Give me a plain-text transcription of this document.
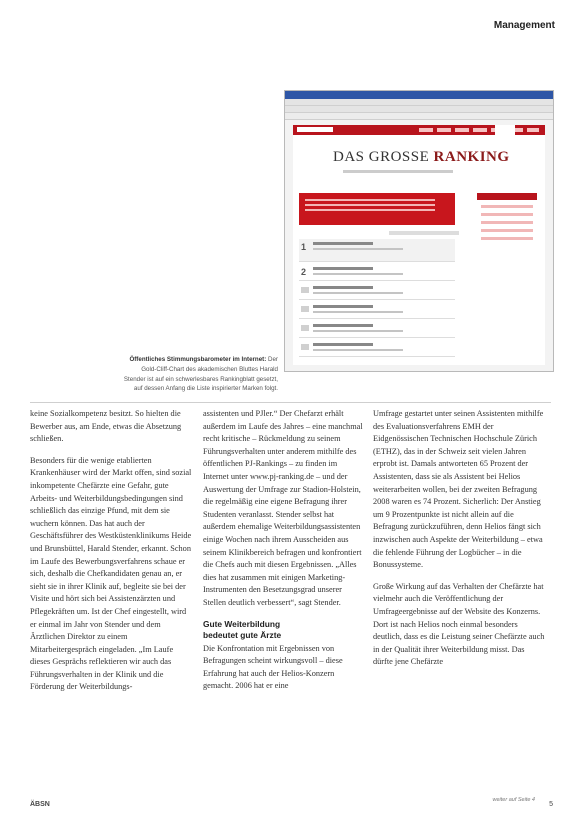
Management
DAS GROSSE RANKING
1
2
Öffentliches Stimmungsbarometer im Internet: Der Gold-Cliff-Chart des akademischen Bluttes Harald Stender ist auf ein schwerlesbares Rankingblatt gesetzt, auf dessen Anfang die Liste inspirierter Marken folgt.

keine Sozialkompetenz besitzt. So hielten die Bewerber aus, am Ende, etwas die Absetzung schließen.

Besonders für die wenige etablierten Krankenhäuser wird der Markt offen, sind sozial inkompetente Chefärzte eine Gefahr, gute Arbeits- und Weiterbildungsbedingungen sind schließlich das einzige Pfund, mit dem sie wuchern können. Das hat auch der Geschäftsführer des Westküstenklinikums Heide und Brunsbüttel, Harald Stender, erkannt. Schon im Laufe des Bewerbungsverfahrens schaue er sich, deshalb die Chefkandidaten genau an, er sieht sie in ihrer Klinik auf, begleite sie bei der Visite und hört sich bei Assistenzärzten und Pflegekräften um. Ist der Chef eingestellt, wird er einmal im Jahr von Stender und dem Ärztlichen Direktor zu einem Mitarbeitergespräch eingeladen. „Im Laufe dieses Gesprächs reflektieren wir auch das Führungsverhalten in der Klinik und die Förderung der Weiterbildungs-

assistenten und PJler.“ Der Chefarzt erhält außerdem im Laufe des Jahres – eine manchmal recht kritische – Rückmeldung zu seinem Führungsverhalten unter anderem mithilfe des öffentlichen PJ-Rankings – zu finden im Internet unter www.pj-ranking.de – und der Auswertung der Umfrage zur Stadion-Holstein, die regelmäßig eine eigene Befragung ihrer Studenten veranlasst. Stender selbst hat außerdem ehemalige Weiterbildungsassistenten einige Wochen nach ihrem Ausscheiden aus seinem Klinikbereich befragen und konfrontiert die Chefs auch mit diesen Ergebnissen. „Alles dies hat zusammen mit einigen Marketing-Instrumenten den Besetzungsgrad unserer Stellen deutlich verbessert“, sagt Stender.

Gute Weiterbildung
bedeutet gute Ärzte

Die Konfrontation mit Ergebnissen von Befragungen scheint wirkungsvoll – diese Erfahrung hat auch der Helios-Konzern gemacht. 2006 hat er eine

Umfrage gestartet unter seinen Assistenten mithilfe des Evaluationsverfahrens EMH der Eidgenössischen Technischen Hochschule Zürich (ETHZ), das in der Schweiz seit vielen Jahren erprobt ist. Damals antworteten 65 Prozent der Assistenten, dass sie als Assistent bei Helios weiterarbeiten wollen, bei der zweiten Befragung 2008 waren es 74 Prozent. Sicherlich: Der Anstieg um 9 Prozentpunkte ist nicht allein auf die Befragung zurückzuführen, denn Helios fängt sich inzwischen auch Aspekte der Weiterbildung – etwa die fehlende Führung der Logbücher – in die Bonussysteme.

Große Wirkung auf das Verhalten der Chefärzte hat vielmehr auch die Veröffentlichung der Umfrageergebnisse auf der Website des Konzerns. Dort ist nach Helios noch einmal besonders deutlich, dass es die Leistung seiner Chefärzte auch in der Qualität ihrer Weiterbildung misst. Das dürfte jene Chefärzte

weiter auf Seite 4
ÄBSN	5
